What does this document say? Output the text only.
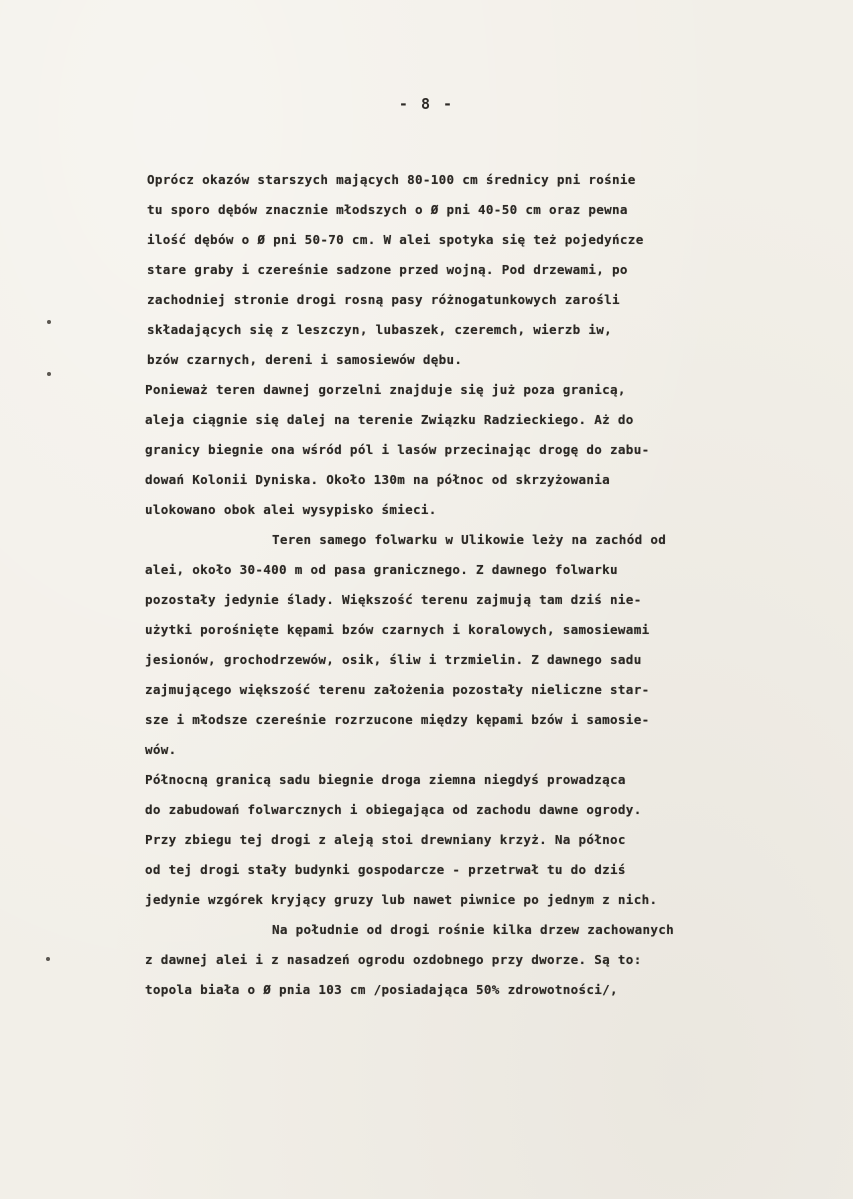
- 8 -
Oprócz okazów starszych mających 80-100 cm średnicy pni rośnie
tu sporo dębów znacznie młodszych o Ø pni 40-50 cm oraz pewna
ilość dębów o Ø pni 50-70 cm. W alei spotyka się też pojedyńcze
stare graby i czereśnie sadzone przed wojną. Pod drzewami, po
zachodniej stronie drogi rosną pasy różnogatunkowych zarośli
składających się z leszczyn, lubaszek, czeremch, wierzb iw,
bzów czarnych, dereni i samosiewów dębu.
Ponieważ teren dawnej gorzelni znajduje się już poza granicą,
aleja ciągnie się dalej na terenie Związku Radzieckiego. Aż do
granicy biegnie ona wśród pól i lasów przecinając drogę do zabu-
dowań Kolonii Dyniska. Około 130m na północ od skrzyżowania
ulokowano obok alei wysypisko śmieci.
Teren samego folwarku w Ulikowie leży na zachód od
alei, około 30-400 m od pasa granicznego. Z dawnego folwarku
pozostały jedynie ślady. Większość terenu zajmują tam dziś nie-
użytki porośnięte kępami bzów czarnych i koralowych, samosiewami
jesionów, grochodrzewów, osik, śliw i trzmielin. Z dawnego sadu
zajmującego większość terenu założenia pozostały nieliczne star-
sze i młodsze czereśnie rozrzucone między kępami bzów i samosie-
wów.
Północną granicą sadu biegnie droga ziemna niegdyś prowadząca
do zabudowań folwarcznych i obiegająca od zachodu dawne ogrody.
Przy zbiegu tej drogi z aleją stoi drewniany krzyż. Na północ
od tej drogi stały budynki gospodarcze - przetrwał tu do dziś
jedynie wzgórek kryjący gruzy lub nawet piwnice po jednym z nich.
Na południe od drogi rośnie kilka drzew zachowanych
z dawnej alei i z nasadzeń ogrodu ozdobnego przy dworze. Są to:
topola biała o Ø pnia 103 cm /posiadająca 50% zdrowotności/,
